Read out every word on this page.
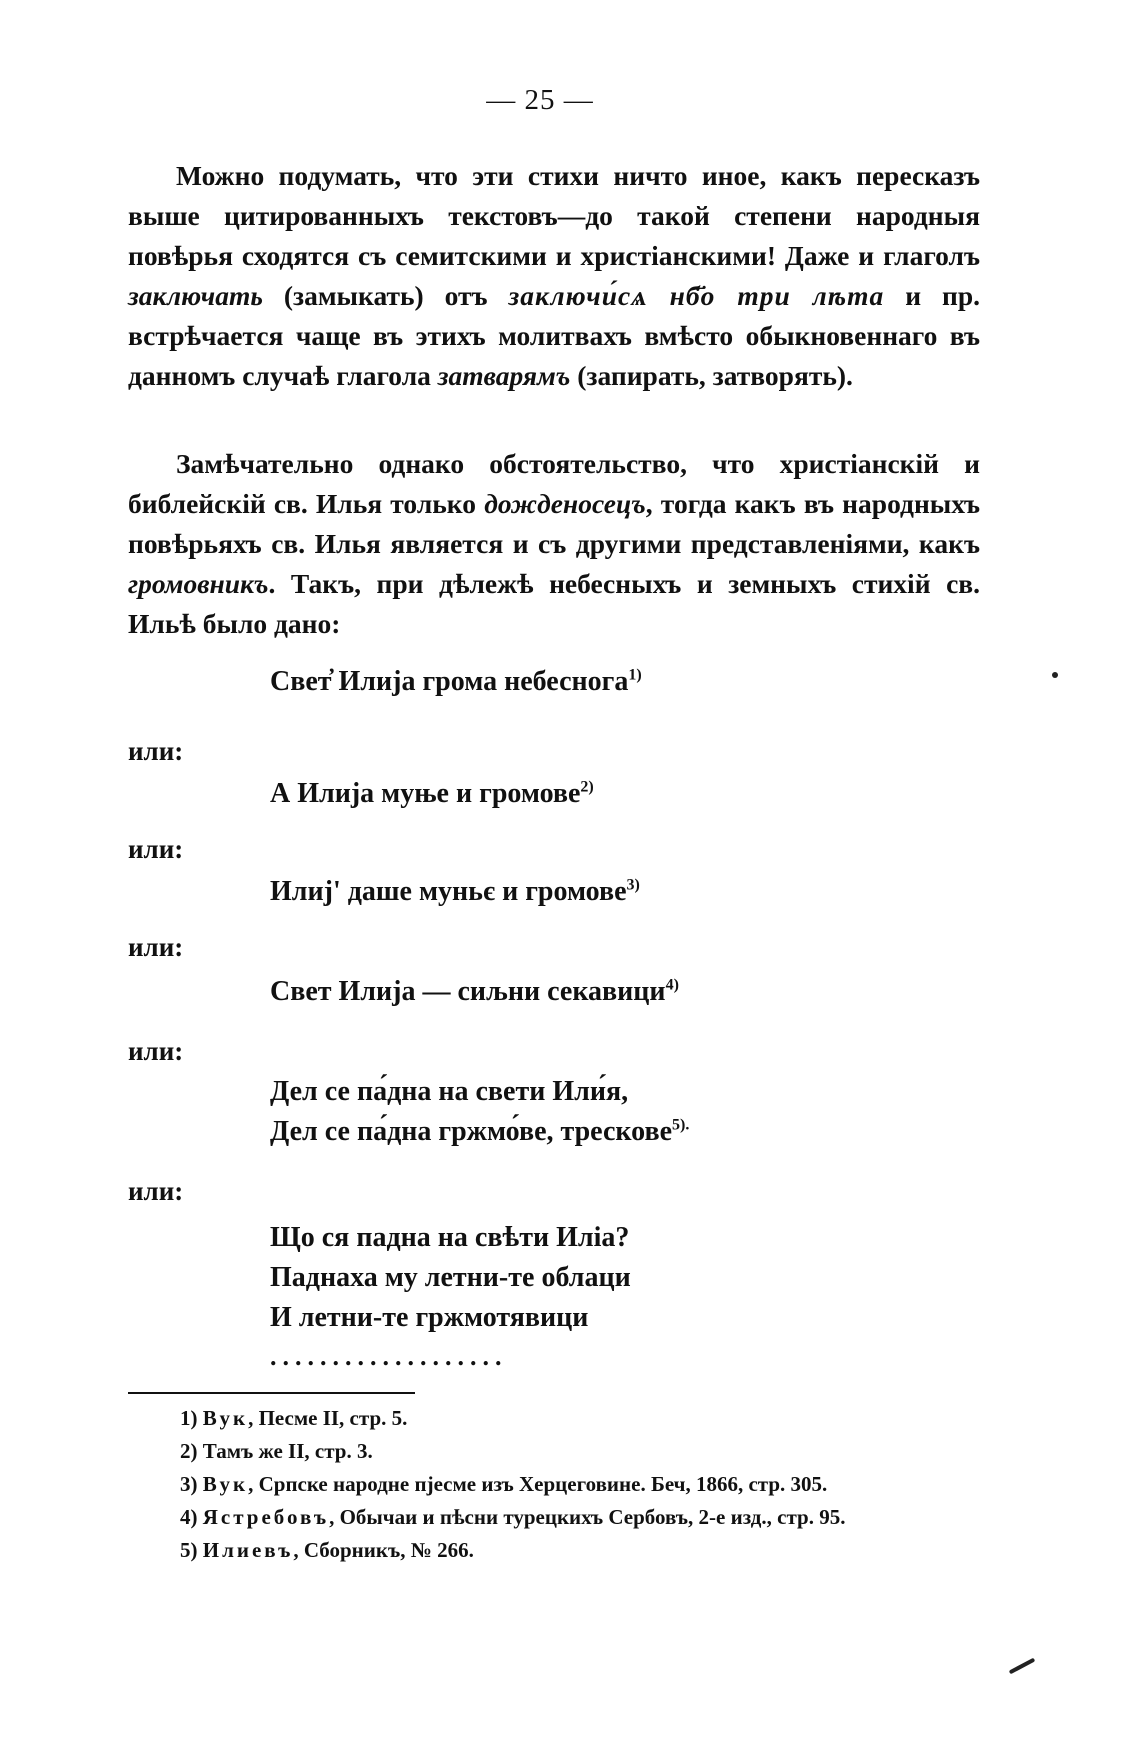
— 25 —

Можно подумать, что эти стихи ничто иное, какъ пересказъ выше цитированныхъ текстовъ—до такой степени народныя повѣрья сходятся съ семитскими и христіанскими! Даже и глаголъ заключать (замыкать) отъ заключи́сѧ нб҃о три лѣта и пр. встрѣчается чаще въ этихъ молитвахъ вмѣсто обыкновеннаго въ данномъ случаѣ глагола затварямъ (запирать, затворять).

Замѣчательно однако обстоятельство, что христіанскій и библейскій св. Илья только дожденосецъ, тогда какъ въ народныхъ повѣрьяхъ св. Илья является и съ другими представленіями, какъ громовникъ. Такъ, при дѣлежѣ небесныхъ и земныхъ стихій св. Ильѣ было дано:

Свет̓ Илија грома небеснога$^{1)}$
или:
А Илија муње и громове$^{2)}$
или:
Илиј' даше муньє и громове$^{3)}$
или:
Свет Илија — сиљни секавици$^{4)}$
или:
Дел се па́дна на свети Или́я,
Дел се па́дна гржмо́ве, трескове$^{5).}$
или:
Що ся падна на свѣти Иліа?
Паднаха му летни-те облаци
И летни-те гржмотявици
...................
1) Вук, Песме II, стр. 5.
2) Тамъ же II, стр. 3.
3) Вук, Српске народне пјесме изъ Херцеговине. Беч, 1866, стр. 305.
4) Ястребовъ, Обычаи и пѣсни турецкихъ Сербовъ, 2-е изд., стр. 95.
5) Илиевъ, Сборникъ, № 266.
